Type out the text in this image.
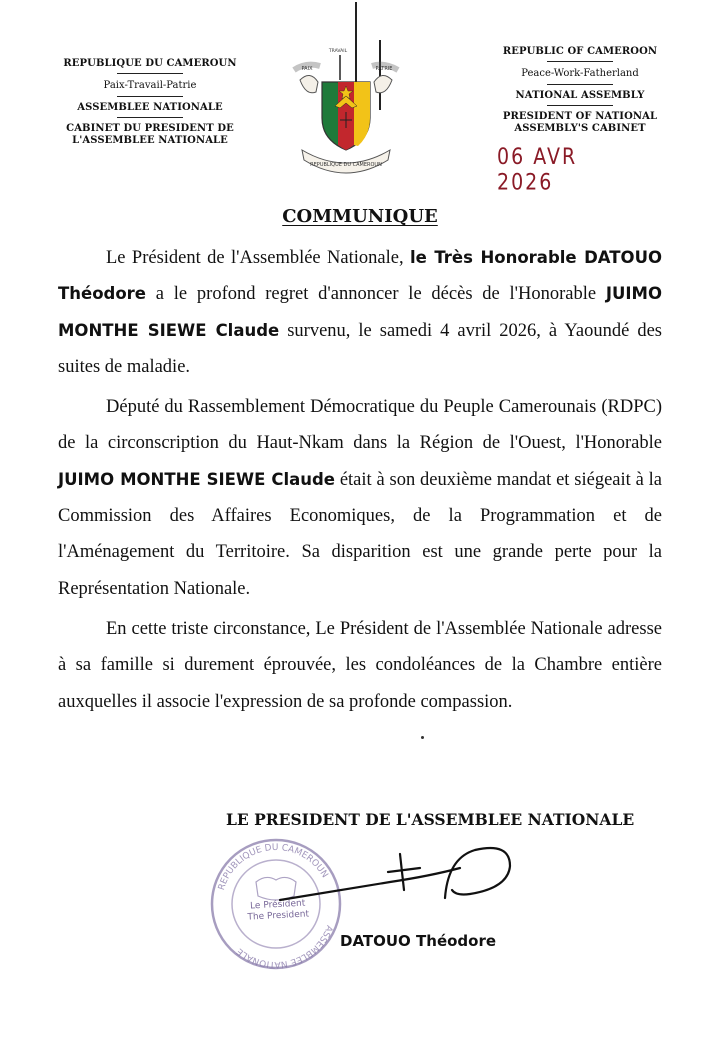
REPUBLIQUE DU CAMEROUN
Paix-Travail-Patrie
ASSEMBLEE NATIONALE
CABINET DU PRESIDENT DE
L'ASSEMBLEE NATIONALE
PAIX	PATRIE
TRAVAIL
REPUBLIQUE DU CAMEROUN
REPUBLIC OF CAMEROON
Peace-Work-Fatherland
NATIONAL ASSEMBLY
PRESIDENT OF NATIONAL
ASSEMBLY'S CABINET
06 AVR 2026
COMMUNIQUE

Le Président de l'Assemblée Nationale, le Très Honorable DATOUO Théodore a le profond regret d'annoncer le décès de l'Honorable JUIMO MONTHE SIEWE Claude survenu, le samedi 4 avril 2026, à Yaoundé des suites de maladie.

Député du Rassemblement Démocratique du Peuple Camerounais (RDPC) de la circonscription du Haut-Nkam dans la Région de l'Ouest, l'Honorable JUIMO MONTHE SIEWE Claude était à son deuxième mandat et siégeait à la Commission des Affaires Economiques, de la Programmation et de l'Aménagement du Territoire. Sa disparition est une grande perte pour la Représentation Nationale.

En cette triste circonstance, Le Président de l'Assemblée Nationale adresse à sa famille si durement éprouvée, les condoléances de la Chambre entière auxquelles il associe l'expression de sa profonde compassion.

LE PRESIDENT DE L'ASSEMBLEE NATIONALE
REPUBLIQUE DU CAMEROUN
ASSEMBLEE NATIONALE
Le Président
The President
DATOUO Théodore
